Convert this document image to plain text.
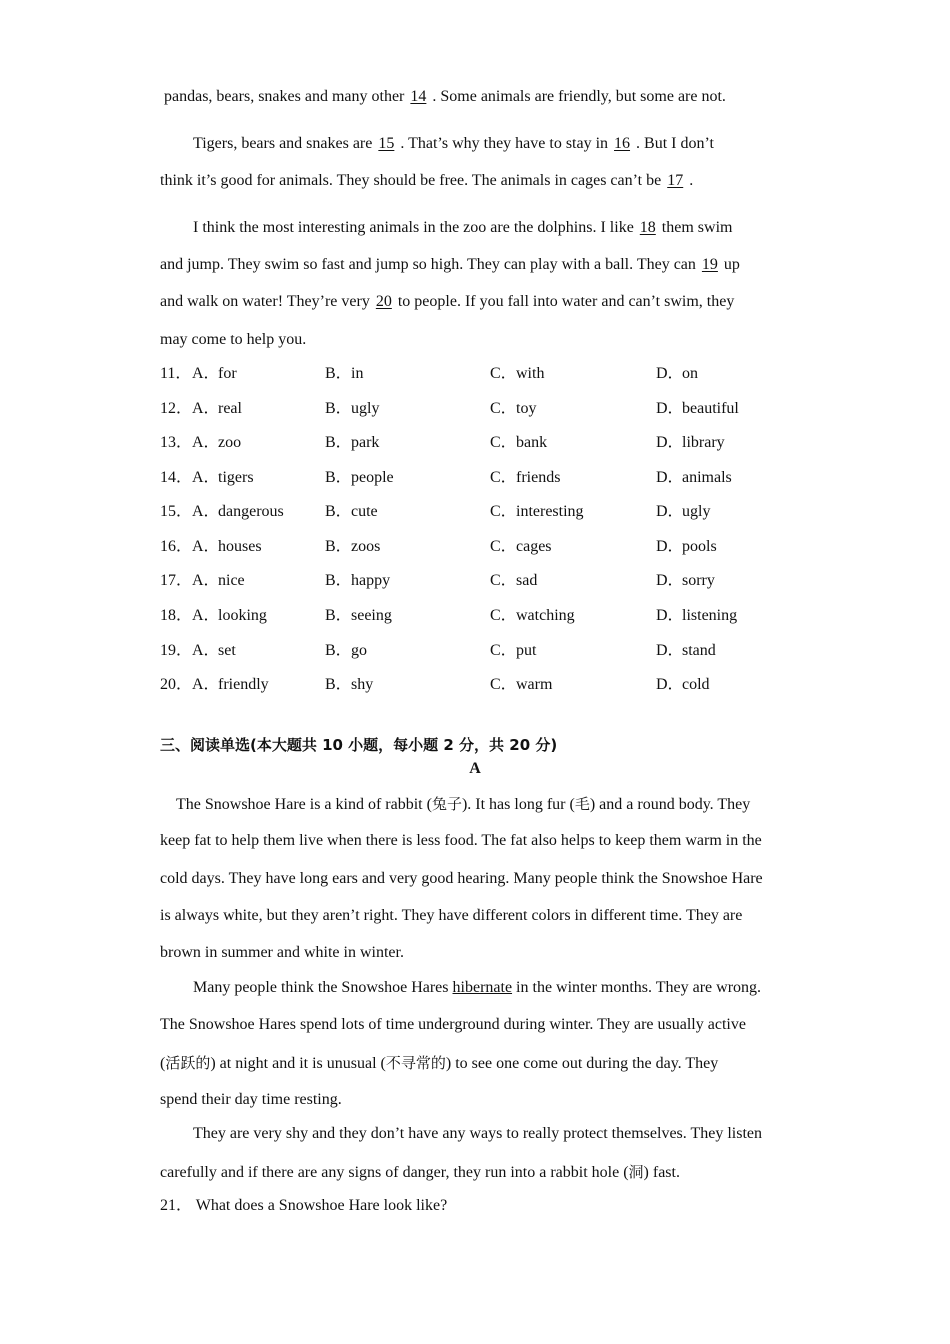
pandas, bears, snakes and many other 14 . Some animals are friendly, but some are not.
Tigers, bears and snakes are 15 . That’s why they have to stay in 16 . But I don’t
think it’s good for animals. They should be free. The animals in cages can’t be 17 .
I think the most interesting animals in the zoo are the dolphins. I like 18 them swim
and jump. They swim so fast and jump so high. They can play with a ball. They can 19 up
and walk on water! They’re very 20 to people. If you fall into water and can’t swim, they
may come to help you.
11． A．for	B．in	C．with	D．on
12． A．real	B．ugly	C．toy	D．beautiful
13． A．zoo	B．park	C．bank	D．library
14． A．tigers	B．people	C．friends	D．animals
15． A．dangerous	B．cute	C．interesting	D．ugly
16． A．houses	B．zoos	C．cages	D．pools
17． A．nice	B．happy	C．sad	D．sorry
18． A．looking	B．seeing	C．watching	D．listening
19． A．set	B．go	C．put	D．stand
20． A．friendly	B．shy	C．warm	D．cold
三、阅读单选(本大题共 10 小题，每小题 2 分，共 20 分)
A
The Snowshoe Hare is a kind of rabbit (兔子). It has long fur (毛) and a round body. They
keep fat to help them live when there is less food. The fat also helps to keep them warm in the
cold days. They have long ears and very good hearing. Many people think the Snowshoe Hare
is always white, but they aren’t right. They have different colors in different time. They are
brown in summer and white in winter.
Many people think the Snowshoe Hares hibernate in the winter months. They are wrong.
The Snowshoe Hares spend lots of time underground during winter. They are usually active
(活跃的) at night and it is unusual (不寻常的) to see one come out during the day. They
spend their day time resting.
They are very shy and they don’t have any ways to really protect themselves. They listen
carefully and if there are any signs of danger, they run into a rabbit hole (洞) fast.
21． What does a Snowshoe Hare look like?
